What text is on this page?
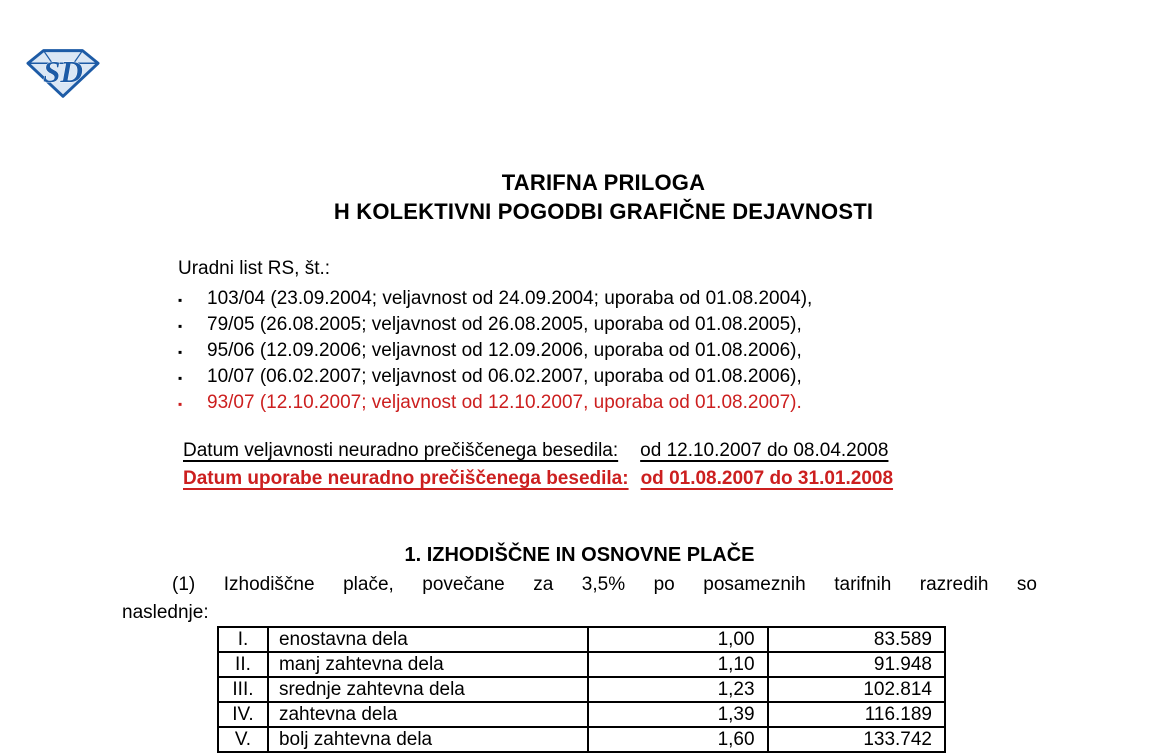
SD
TARIFNA PRILOGA
H KOLEKTIVNI POGODBI GRAFIČNE DEJAVNOSTI
Uradni list RS, št.:
▪	103/04 (23.09.2004; veljavnost od 24.09.2004; uporaba od 01.08.2004),
▪	79/05 (26.08.2005; veljavnost od 26.08.2005, uporaba od 01.08.2005),
▪	95/06 (12.09.2006; veljavnost od 12.09.2006, uporaba od 01.08.2006),
▪	10/07 (06.02.2007; veljavnost od 06.02.2007, uporaba od 01.08.2006),
▪	93/07 (12.10.2007; veljavnost od 12.10.2007, uporaba od 01.08.2007).
Datum veljavnosti neuradno prečiščenega besedila: od 12.10.2007 do 08.04.2008
Datum uporabe neuradno prečiščenega besedila: od 01.08.2007 do 31.01.2008
1. IZHODIŠČNE IN OSNOVNE PLAČE
(1) Izhodiščne plače, povečane za 3,5% po posameznih tarifnih razredih so
naslednje:
I.	enostavna dela	1,00	83.589
II.	manj zahtevna dela	1,10	91.948
III.	srednje zahtevna dela	1,23	102.814
IV.	zahtevna dela	1,39	116.189
V.	bolj zahtevna dela	1,60	133.742
